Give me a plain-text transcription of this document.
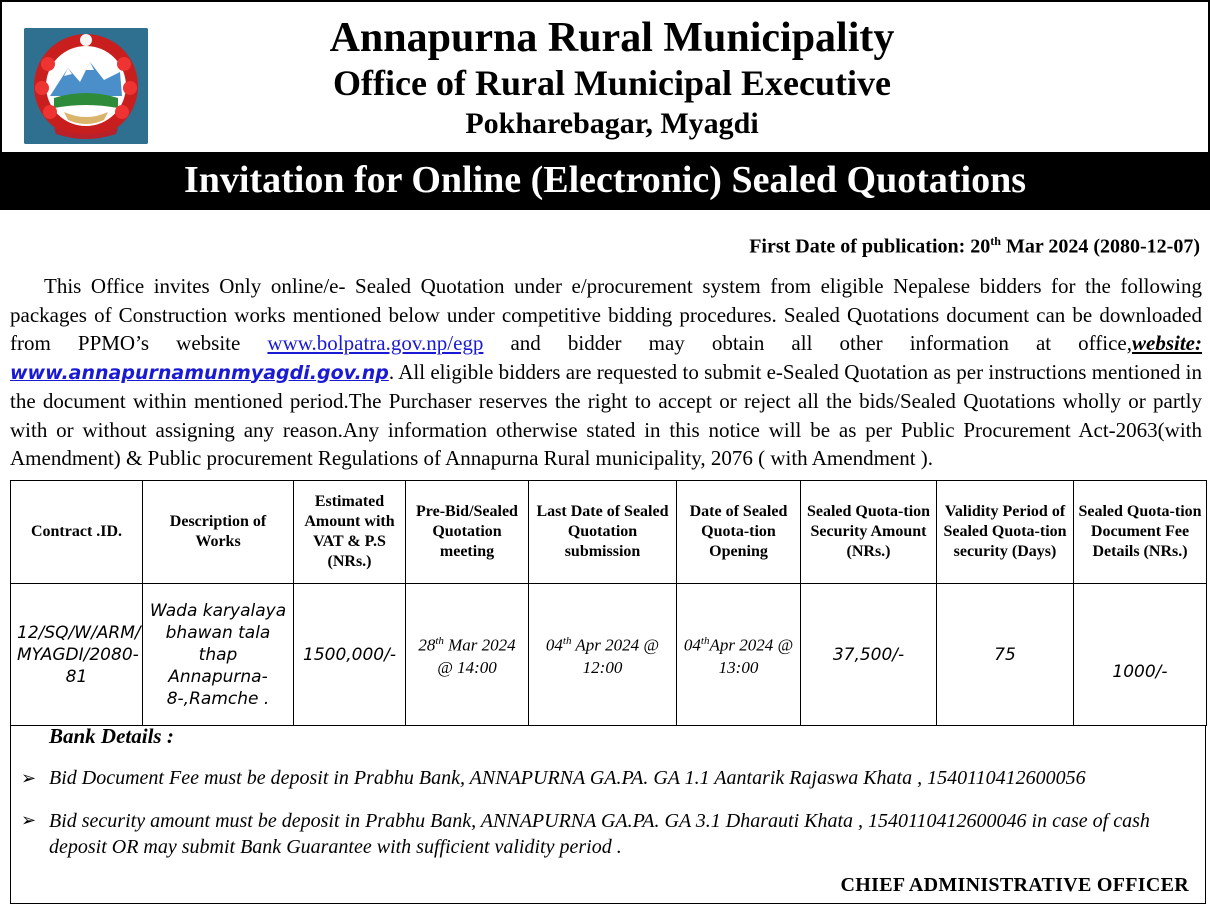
Annapurna Rural Municipality
Office of Rural Municipal Executive
Pokharebagar, Myagdi
Invitation for Online (Electronic) Sealed Quotations
First Date of publication: 20th Mar 2024 (2080-12-07)
This Office invites Only online/e- Sealed Quotation under e/procurement system from eligible Nepalese bidders for the following packages of Construction works mentioned below under competitive bidding procedures. Sealed Quotations document can be downloaded from PPMO’s website www.bolpatra.gov.np/egp and bidder may obtain all other information at office,website: www.annapurnamunmyagdi.gov.np. All eligible bidders are requested to submit e-Sealed Quotation as per instructions mentioned in the document within mentioned period.The Purchaser reserves the right to accept or reject all the bids/Sealed Quotations wholly or partly with or without assigning any reason.Any information otherwise stated in this notice will be as per Public Procurement Act-2063(with Amendment) & Public procurement Regulations of Annapurna Rural municipality, 2076 ( with Amendment ).
Contract .ID.	Description of Works	Estimated Amount with VAT & P.S (NRs.)	Pre-Bid/Sealed Quotation meeting	Last Date of Sealed Quotation submission	Date of Sealed Quota-tion Opening	Sealed Quota-tion Security Amount (NRs.)	Validity Period of Sealed Quota-tion security (Days)	Sealed Quota-tion Document Fee Details (NRs.)
12/SQ/W/ARM/ MYAGDI/2080-81	Wada karyalaya bhawan tala thap Annapurna-8-,Ramche .	1500,000/-	28th Mar 2024 @ 14:00	04th Apr 2024 @ 12:00	04thApr 2024 @ 13:00	37,500/-	75	1000/-
Bank Details :
➢ Bid Document Fee must be deposit in Prabhu Bank, ANNAPURNA GA.PA. GA 1.1 Aantarik Rajaswa Khata , 1540110412600056
➢ Bid security amount must be deposit in Prabhu Bank, ANNAPURNA GA.PA. GA 3.1 Dharauti Khata , 1540110412600046 in case of cash deposit OR may submit Bank Guarantee with sufficient validity period .
CHIEF ADMINISTRATIVE OFFICER
